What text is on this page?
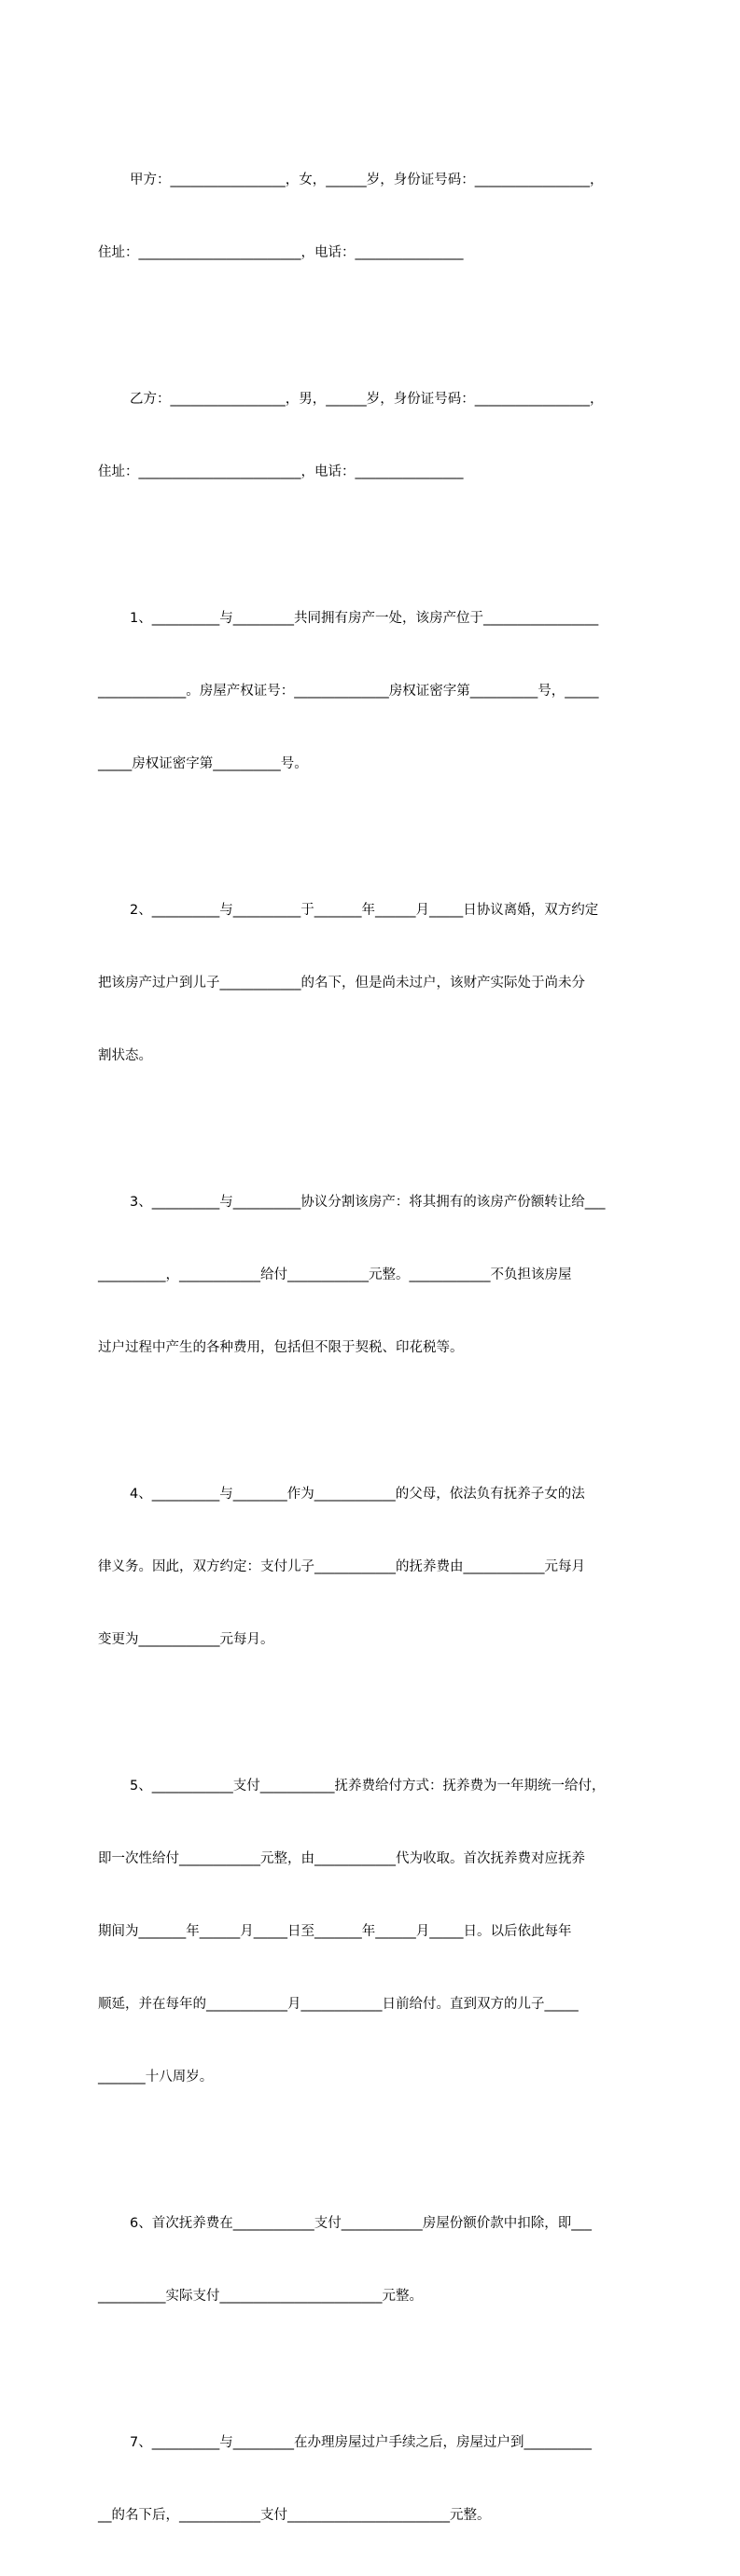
甲方：_________________，女，______岁，身份证号码：_________________，

住址：________________________，电话：________________

乙方：_________________，男，______岁，身份证号码：_________________，

住址：________________________，电话：________________

1、__________与_________共同拥有房产一处，该房产位于_________________

_____________。房屋产权证号：______________房权证密字第__________号，_____

_____房权证密字第__________号。

2、__________与__________于_______年______月_____日协议离婚，双方约定

把该房产过户到儿子____________的名下，但是尚未过户，该财产实际处于尚未分

割状态。

3、__________与__________协议分割该房产：将其拥有的该房产份额转让给___

__________，____________给付____________元整。____________不负担该房屋

过户过程中产生的各种费用，包括但不限于契税、印花税等。

4、__________与________作为____________的父母，依法负有抚养子女的法

律义务。因此，双方约定：支付儿子____________的抚养费由____________元每月

变更为____________元每月。

5、____________支付___________抚养费给付方式：抚养费为一年期统一给付，

即一次性给付____________元整，由____________代为收取。首次抚养费对应抚养

期间为_______年______月_____日至_______年______月_____日。以后依此每年

顺延，并在每年的____________月____________日前给付。直到双方的儿子_____

_______十八周岁。

6、首次抚养费在____________支付____________房屋份额价款中扣除，即___

__________实际支付________________________元整。

7、__________与_________在办理房屋过户手续之后，房屋过户到__________

__的名下后，____________支付________________________元整。
